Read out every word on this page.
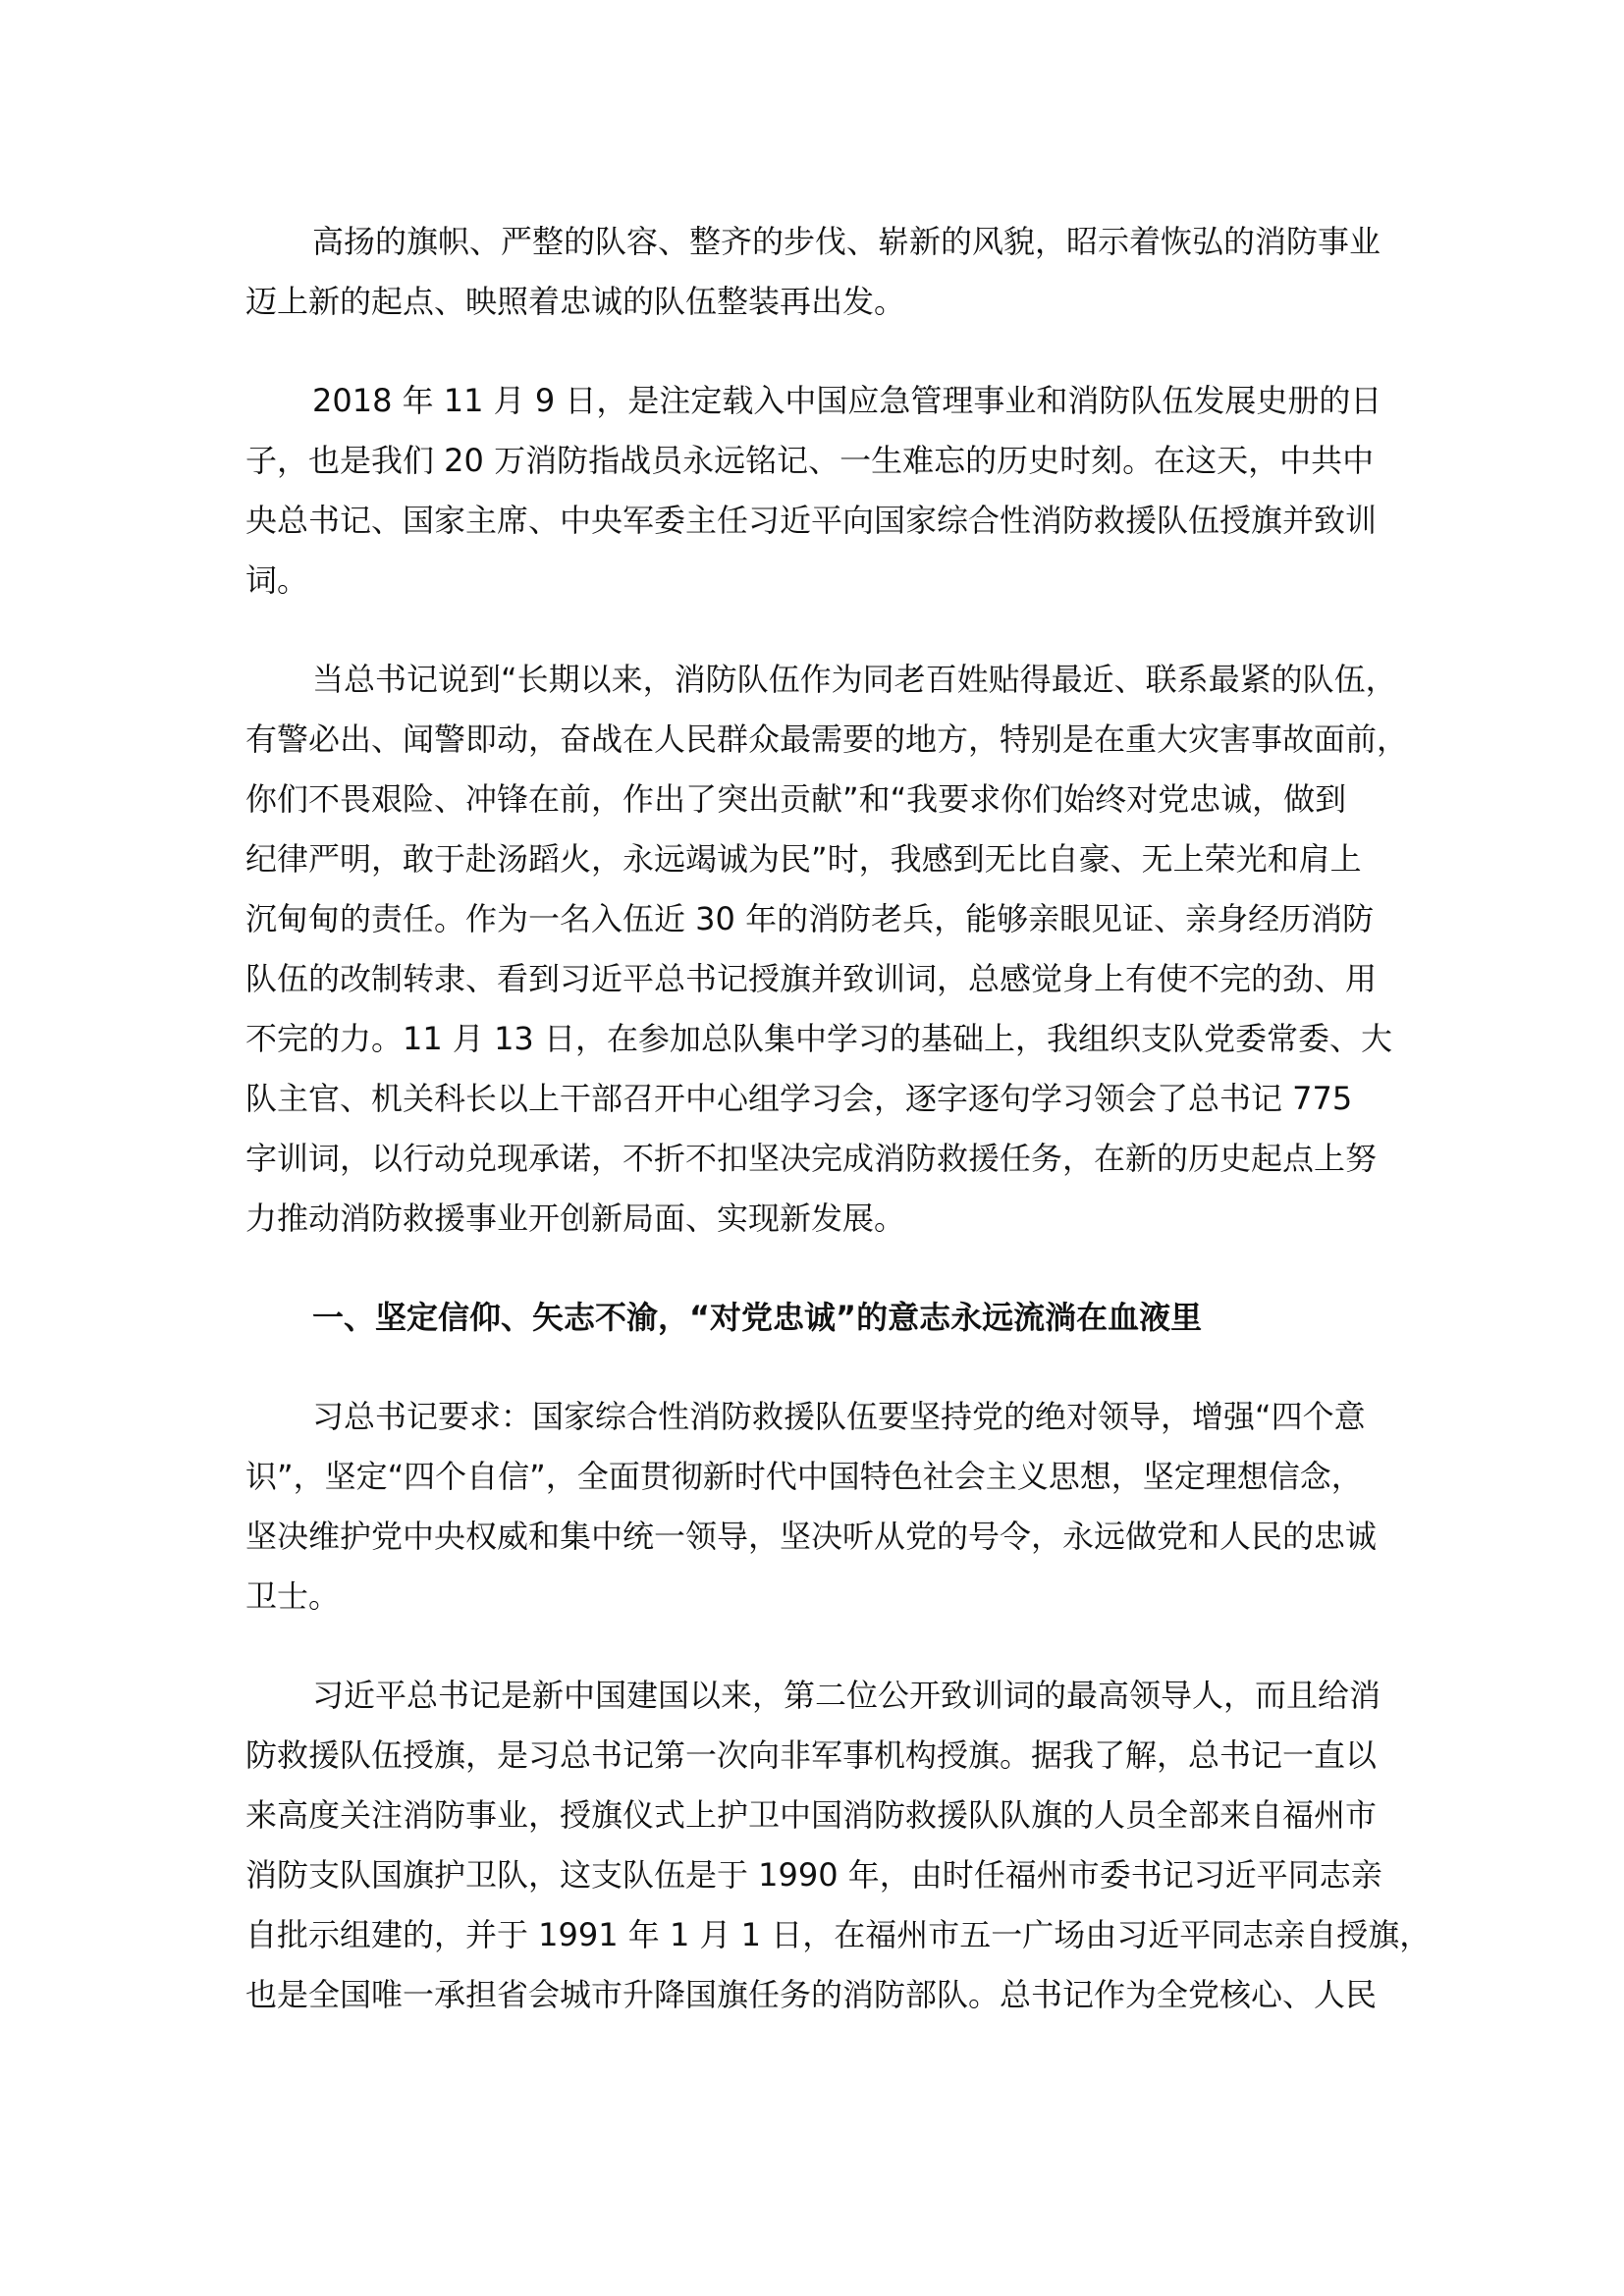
高扬的旗帜、严整的队容、整齐的步伐、崭新的风貌，昭示着恢弘的消防事业
迈上新的起点、映照着忠诚的队伍整装再出发。

2018 年 11 月 9 日，是注定载入中国应急管理事业和消防队伍发展史册的日
子，也是我们 20 万消防指战员永远铭记、一生难忘的历史时刻。在这天，中共中
央总书记、国家主席、中央军委主任习近平向国家综合性消防救援队伍授旗并致训
词。

当总书记说到“长期以来，消防队伍作为同老百姓贴得最近、联系最紧的队伍，
有警必出、闻警即动，奋战在人民群众最需要的地方，特别是在重大灾害事故面前，
你们不畏艰险、冲锋在前，作出了突出贡献”和“我要求你们始终对党忠诚，做到
纪律严明，敢于赴汤蹈火，永远竭诚为民”时，我感到无比自豪、无上荣光和肩上
沉甸甸的责任。作为一名入伍近 30 年的消防老兵，能够亲眼见证、亲身经历消防
队伍的改制转隶、看到习近平总书记授旗并致训词，总感觉身上有使不完的劲、用
不完的力。11 月 13 日，在参加总队集中学习的基础上，我组织支队党委常委、大
队主官、机关科长以上干部召开中心组学习会，逐字逐句学习领会了总书记 775
字训词，以行动兑现承诺，不折不扣坚决完成消防救援任务，在新的历史起点上努
力推动消防救援事业开创新局面、实现新发展。

一、坚定信仰、矢志不渝，“对党忠诚”的意志永远流淌在血液里

习总书记要求：国家综合性消防救援队伍要坚持党的绝对领导，增强“四个意
识”，坚定“四个自信”，全面贯彻新时代中国特色社会主义思想，坚定理想信念，
坚决维护党中央权威和集中统一领导，坚决听从党的号令，永远做党和人民的忠诚
卫士。

习近平总书记是新中国建国以来，第二位公开致训词的最高领导人，而且给消
防救援队伍授旗，是习总书记第一次向非军事机构授旗。据我了解，总书记一直以
来高度关注消防事业，授旗仪式上护卫中国消防救援队队旗的人员全部来自福州市
消防支队国旗护卫队，这支队伍是于 1990 年，由时任福州市委书记习近平同志亲
自批示组建的，并于 1991 年 1 月 1 日，在福州市五一广场由习近平同志亲自授旗，
也是全国唯一承担省会城市升降国旗任务的消防部队。总书记作为全党核心、人民
